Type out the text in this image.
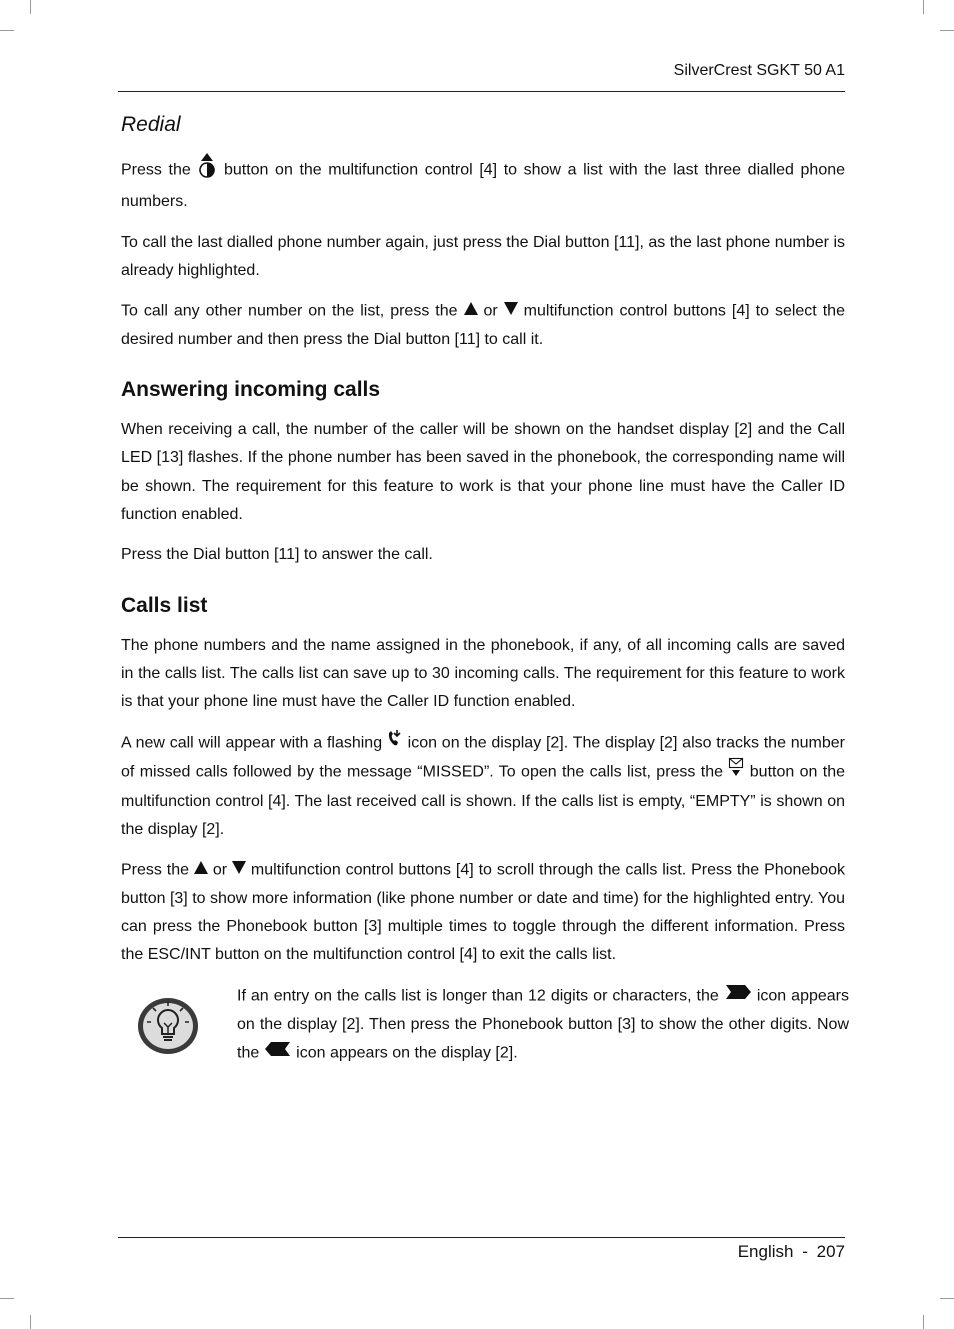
SilverCrest SGKT 50 A1
Redial

Press the button on the multifunction control [4] to show a list with the last three dialled phone numbers.

To call the last dialled phone number again, just press the Dial button [11], as the last phone number is already highlighted.

To call any other number on the list, press the or multifunction control buttons [4] to select the desired number and then press the Dial button [11] to call it.

Answering incoming calls

When receiving a call, the number of the caller will be shown on the handset display [2] and the Call LED [13] flashes. If the phone number has been saved in the phonebook, the corresponding name will be shown. The requirement for this feature to work is that your phone line must have the Caller ID function enabled.

Press the Dial button [11] to answer the call.

Calls list

The phone numbers and the name assigned in the phonebook, if any, of all incoming calls are saved in the calls list. The calls list can save up to 30 incoming calls. The requirement for this feature to work is that your phone line must have the Caller ID function enabled.

A new call will appear with a flashing icon on the display [2]. The display [2] also tracks the number of missed calls followed by the message “MISSED”. To open the calls list, press the button on the multifunction control [4]. The last received call is shown. If the calls list is empty, “EMPTY” is shown on the display [2].

Press the or multifunction control buttons [4] to scroll through the calls list. Press the Phonebook button [3] to show more information (like phone number or date and time) for the highlighted entry. You can press the Phonebook button [3] multiple times to toggle through the different information. Press the ESC/INT button on the multifunction control [4] to exit the calls list.

If an entry on the calls list is longer than 12 digits or characters, the icon appears on the display [2]. Then press the Phonebook button [3] to show the other digits. Now the icon appears on the display [2].

English - 207
